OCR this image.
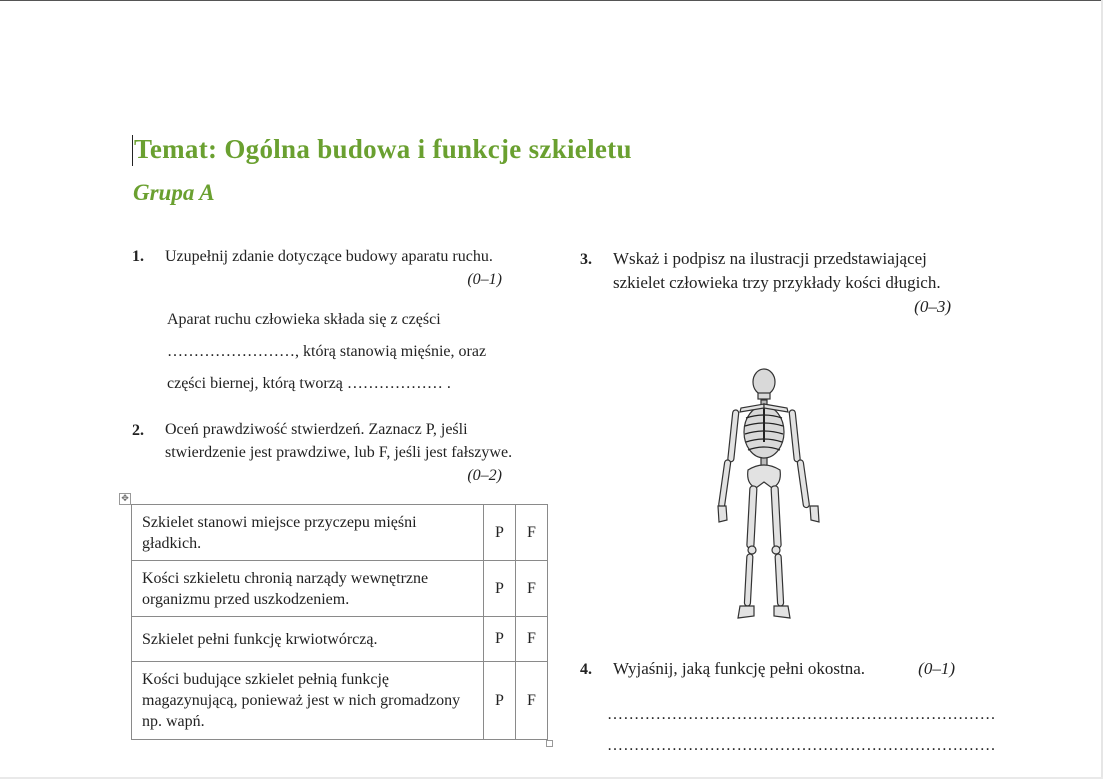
Temat: Ogólna budowa i funkcje szkieletu
Grupa A
1. Uzupełnij zdanie dotyczące budowy aparatu ruchu.
(0–1)
Aparat ruchu człowieka składa się z części
……………………, którą stanowią mięśnie, oraz
części biernej, którą tworzą ……………… .
2. Oceń prawdziwość stwierdzeń. Zaznacz P, jeśli stwierdzenie jest prawdziwe, lub F, jeśli jest fałszywe.
(0–2)
✥
Szkielet stanowi miejsce przyczepu mięśni gładkich.	P	F
Kości szkieletu chronią narządy wewnętrzne organizmu przed uszkodzeniem.	P	F
Szkielet pełni funkcję krwiotwórczą.	P	F
Kości budujące szkielet pełnią funkcję magazynującą, ponieważ jest w nich gromadzony np. wapń.	P	F
3. Wskaż i podpisz na ilustracji przedstawiającej szkielet człowieka trzy przykłady kości długich.
(0–3)
4. Wyjaśnij, jaką funkcję pełni okostna.	(0–1)
………………………………………………………………
………………………………………………………………
